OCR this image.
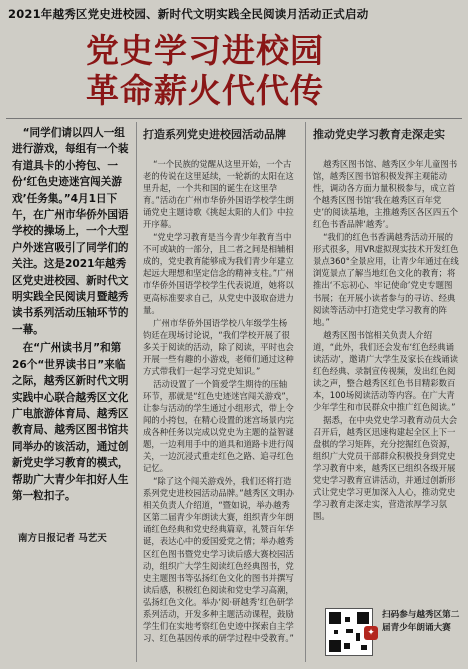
2021年越秀区党史进校园、新时代文明实践全民阅读月活动正式启动
党史学习进校园
革命薪火代代传

“同学们请以四人一组进行游戏，每组有一个装有道具卡的小挎包、一份‘红色史迹迷宫闯关游戏’任务集。”4月1日下午，在广州市华侨外国语学校的操场上，一个大型户外迷宫吸引了同学们的关注。这是2021年越秀区党史进校园、新时代文明实践全民阅读月暨越秀读书系列活动压轴环节的一幕。

在“广州读书月”和第26个“世界读书日”来临之际，越秀区新时代文明实践中心联合越秀区文化广电旅游体育局、越秀区教育局、越秀区图书馆共同举办的该活动，通过创新党史学习教育的模式，帮助广大青少年扣好人生第一粒扣子。

南方日报记者 马艺天
打造系列党史进校园活动品牌

“一个民族的觉醒从这里开始，一个古老的传说在这里延续，一轮新的太阳在这里升起，一个共和国的诞生在这里孕育。”活动在广州市华侨外国语学校学生朗诵党史主题诗歌《挑起太阳的人们》中拉开序幕。

“党史学习教育是当今青少年教育当中不可或缺的一部分，且二者之间是相辅相成的，党史教育能够成为我们青少年建立起远大理想和坚定信念的精神支柱。”广州市华侨外国语学校学生代表说道，她将以更高标准要求自己，从党史中汲取奋进力量。

广州市华侨外国语学校八年级学生杨钧廷在现场讨论说，“我们学校开展了很多关于阅读的活动，除了阅读，平时也会开展一些有趣的小游戏，老师们通过这种方式带我们一起学习党史知识。”

活动设置了一个简爱学生期待的压轴环节，那就是“红色史迹迷宫闯关游戏”，让参与活动的学生通过小组形式，带上令闻的小挎包，在精心设置的迷宫场景内完成各种任务以完成以党史为主题的益智谜题，一边利用手中的道具和道路卡进行闯关，一边沉浸式重走红色之路、追寻红色记忆。

“除了这个闯关游戏外，我们还将打造系列党史进校园活动品牌。”越秀区文明办相关负责人介绍道，“暨如说，举办越秀区第二届青少年朗读大赛，组织青少年朗诵红色经典和党史经典篇章，礼赞百年华诞，表达心中的爱国爱党之情；举办越秀区红色图书暨党史学习读后感大赛校园活动，组织广大学生阅读红色经典图书，党史主题图书等弘扬红色文化的图书并撰写读后感，积极红色阅读和党史学习高潮，弘扬红色文化。举办‘阅·研越秀’红色研学系列活动，开发多种主题活动课程，鼓励学生们在实地考察红色史迹中探索自主学习、红色基因传承的研学过程中受教育。”

推动党史学习教育走深走实

越秀区图书馆、越秀区少年儿童图书馆，越秀区图书馆积极发挥主观能动性，调动各方面力量积极参与，成立首个越秀区图书馆‘我在越秀区百年党史’的阅读基地，主推越秀区各区四五个红色书香品牌‘越秀’。

“我们的红色书香满越秀活动开展的形式很多，用VR虚拟现实技术开发红色景点360°全景应用，让青少年通过在线浏览景点了解当地红色文化的教育；将推出‘不忘初心、牢记使命’党史专题图书展；在开展小读者参与的寻访、经典阅读等活动中打造党史学习教育的阵地。”

越秀区图书馆相关负责人介绍道，“此外，我们还会发布‘红色经典诵读活动’，邀请广大学生及家长在线诵读红色经典、录制宣传视频，发出红色阅读之声，整合越秀区红色书目精彩数百本，100场阅读活动等内容。在广大青少年学生和市民群众中推广红色阅读。”

据悉，在中央党史学习教育动员大会召开后，越秀区迅速构建起全区上下一盘棋的学习矩阵，充分挖掘红色资源，组织广大党员干部群众积极投身到党史学习教育中来，越秀区已组织各级开展党史学习教育宣讲活动，并通过创新形式让党史学习更加深入人心，推动党史学习教育走深走实，营造浓厚学习氛围。

✦
扫码参与越秀区第二届青少年朗诵大赛
